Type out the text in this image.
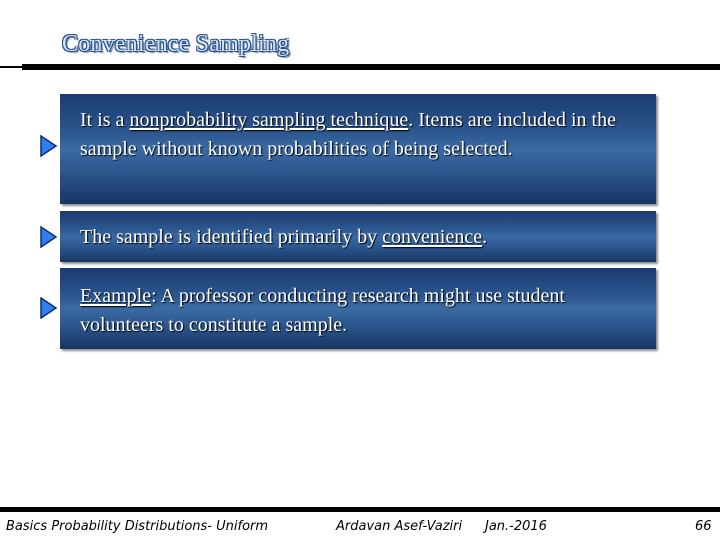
Convenience Sampling
It is a nonprobability sampling technique. Items are included in the sample without known probabilities of being selected.
The sample is identified primarily by convenience.
Example: A professor conducting research might use student volunteers to constitute a sample.
Basics Probability Distributions- Uniform	Ardavan Asef-Vaziri Jan.-2016	66
